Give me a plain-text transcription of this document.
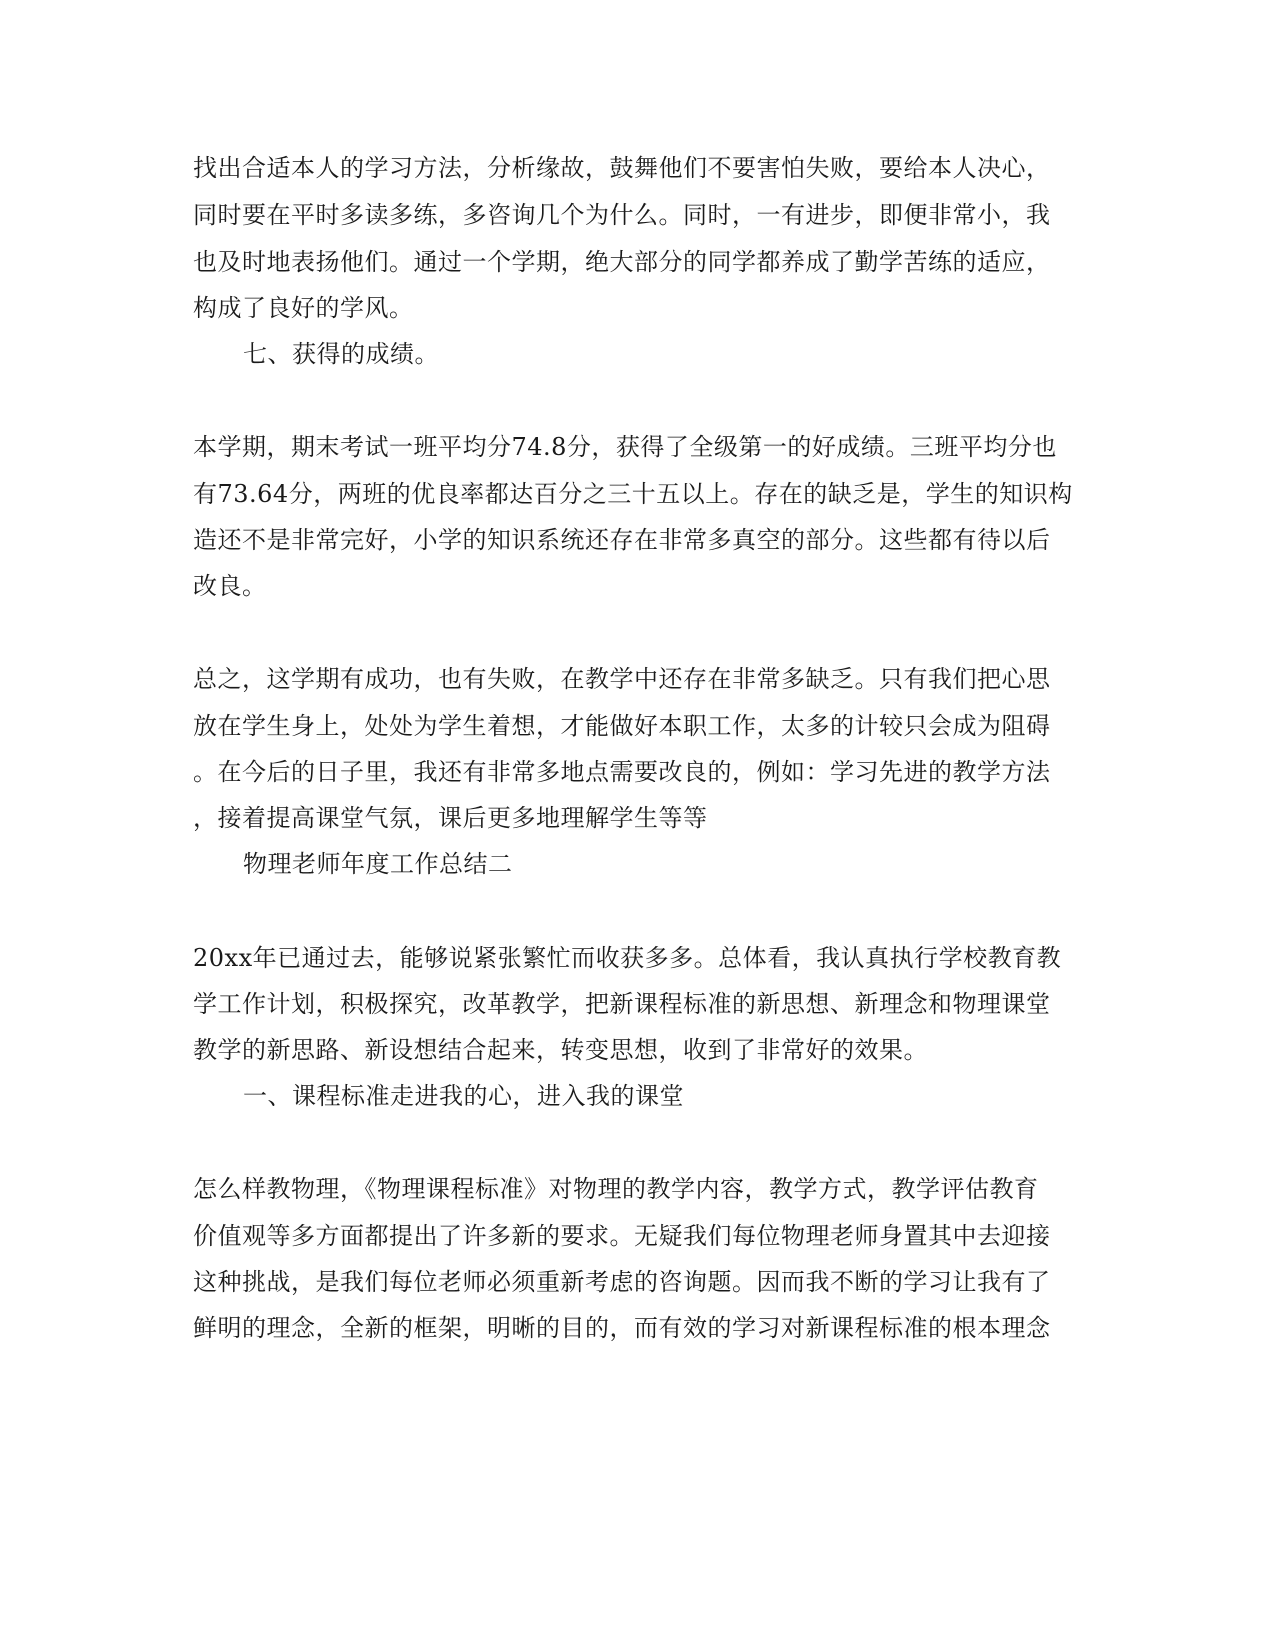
找出合适本人的学习方法，分析缘故，鼓舞他们不要害怕失败，要给本人决心，
同时要在平时多读多练，多咨询几个为什么。同时，一有进步，即便非常小，我
也及时地表扬他们。通过一个学期，绝大部分的同学都养成了勤学苦练的适应，
构成了良好的学风。
七、获得的成绩。
本学期，期末考试一班平均分74.8分，获得了全级第一的好成绩。三班平均分也
有73.64分，两班的优良率都达百分之三十五以上。存在的缺乏是，学生的知识构
造还不是非常完好，小学的知识系统还存在非常多真空的部分。这些都有待以后
改良。
总之，这学期有成功，也有失败，在教学中还存在非常多缺乏。只有我们把心思
放在学生身上，处处为学生着想，才能做好本职工作，太多的计较只会成为阻碍
。在今后的日子里，我还有非常多地点需要改良的，例如：学习先进的教学方法
，接着提高课堂气氛，课后更多地理解学生等等
物理老师年度工作总结二
20xx年已通过去，能够说紧张繁忙而收获多多。总体看，我认真执行学校教育教
学工作计划，积极探究，改革教学，把新课程标准的新思想、新理念和物理课堂
教学的新思路、新设想结合起来，转变思想，收到了非常好的效果。
一、课程标准走进我的心，进入我的课堂
怎么样教物理，《物理课程标准》对物理的教学内容，教学方式，教学评估教育
价值观等多方面都提出了许多新的要求。无疑我们每位物理老师身置其中去迎接
这种挑战，是我们每位老师必须重新考虑的咨询题。因而我不断的学习让我有了
鲜明的理念，全新的框架，明晰的目的，而有效的学习对新课程标准的根本理念
